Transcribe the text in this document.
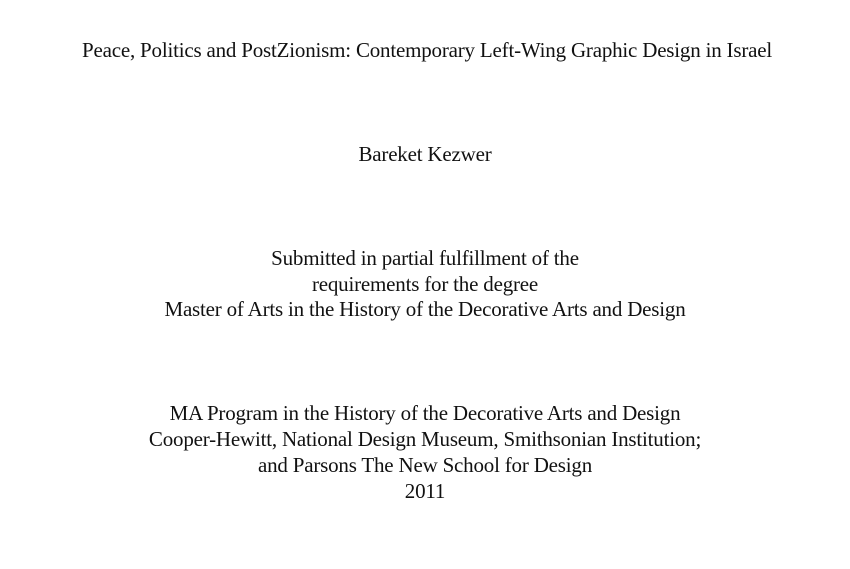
Peace, Politics and PostZionism: Contemporary Left-Wing Graphic Design in Israel
Bareket Kezwer
Submitted in partial fulfillment of the
requirements for the degree
Master of Arts in the History of the Decorative Arts and Design
MA Program in the History of the Decorative Arts and Design
Cooper-Hewitt, National Design Museum, Smithsonian Institution;
and Parsons The New School for Design
2011
